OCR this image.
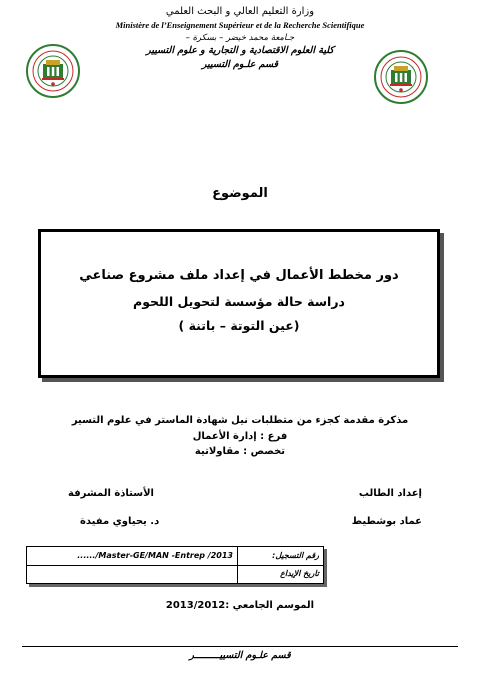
وزارة التعليم العالي و البحث العلمي
Ministère de l’Enseignement Supérieur et de la Recherche Scientifique
جـامعة محمد خيضر – بسكرة –
كلية العلوم الاقتصادية و التجارية و علوم التسيير
قسم علـوم التسيير
الموضوع
دور مخطط الأعمال في إعداد ملف مشروع صناعي
دراسة حالة مؤسسة لتحويل اللحوم
(عين التوتة – باتنة )
مذكرة مقدمة كجزء من متطلبات نيل شهادة الماستر في علوم التسير
فرع : إدارة الأعمال
تخصص : مقاولاتية
إعداد الطالب
عماد بوشطيط
الأستاذة المشرفة
د. يحياوي مفيدة
رقم التسجيل:
....../Master-GE/MAN -Entrep /2013
تاريخ الإيداع
الموسم الجامعي :2013/2012
قسم علـوم التسييـــــــــر
